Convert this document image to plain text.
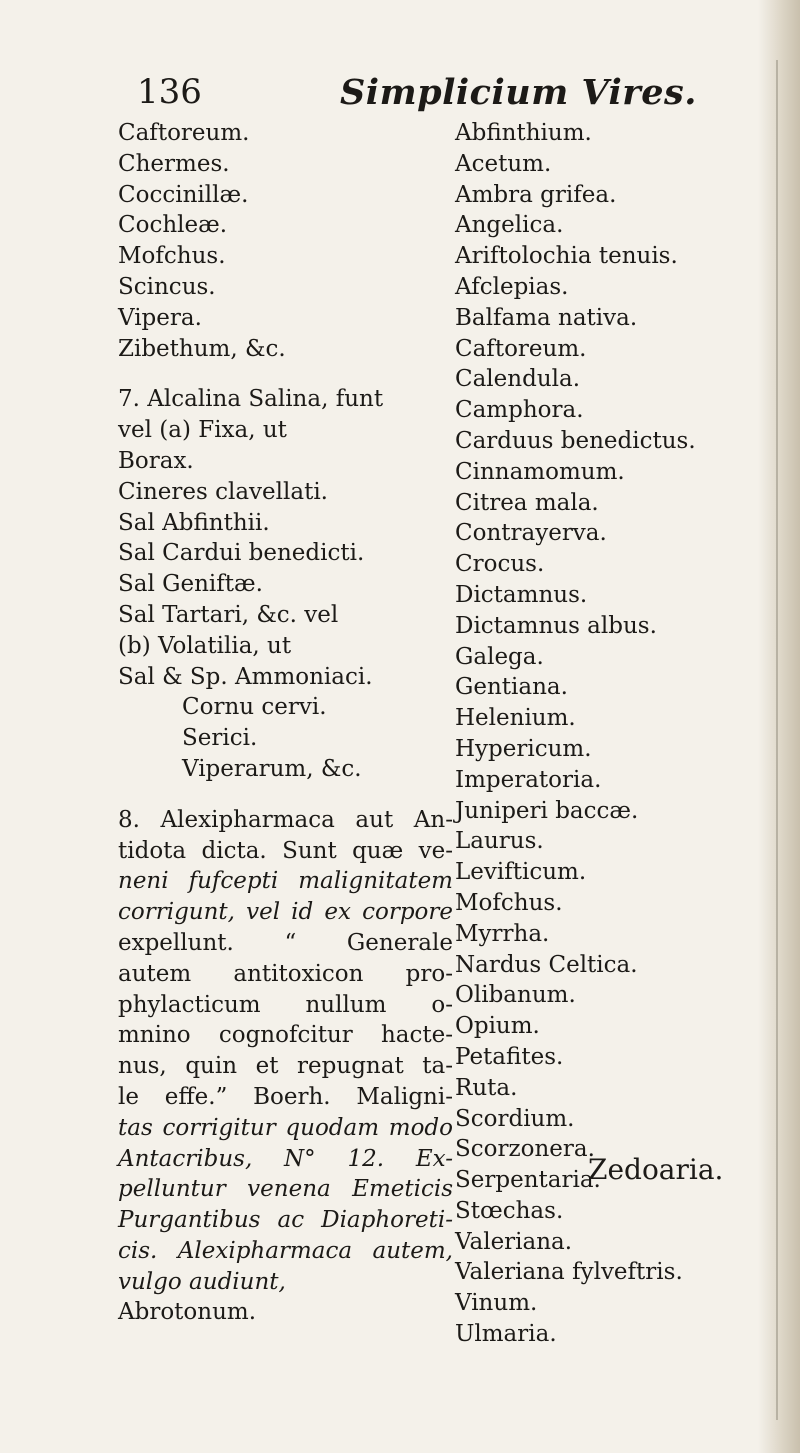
136	Simplicium Vires.
Caftoreum.
Chermes.
Coccinillæ.
Cochleæ.
Mofchus.
Scincus.
Vipera.
Zibethum, &c.
7. Alcalina Salina, funt
vel (a) Fixa, ut
Borax.
Cineres clavellati.
Sal Abfinthii.
Sal Cardui benedicti.
Sal Geniftæ.
Sal Tartari, &c. vel
(b) Volatilia, ut
Sal & Sp. Ammoniaci.
Cornu cervi.
Serici.
Viperarum, &c.
8. Alexipharmaca aut An-
tidota dicta. Sunt quæ ve-
neni fufcepti malignitatem
corrigunt, vel id ex corpore
expellunt. “ Generale
autem antitoxicon pro-
phylacticum nullum o-
mnino cognofcitur hacte-
nus, quin et repugnat ta-
le effe.” Boerh. Maligni-
tas corrigitur quodam modo
Antacribus, N° 12. Ex-
pelluntur venena Emeticis
Purgantibus ac Diaphoreti-
cis. Alexipharmaca autem,
vulgo audiunt,
Abrotonum.
Abfinthium.
Acetum.
Ambra grifea.
Angelica.
Ariftolochia tenuis.
Afclepias.
Balfama nativa.
Caftoreum.
Calendula.
Camphora.
Carduus benedictus.
Cinnamomum.
Citrea mala.
Contrayerva.
Crocus.
Dictamnus.
Dictamnus albus.
Galega.
Gentiana.
Helenium.
Hypericum.
Imperatoria.
Juniperi baccæ.
Laurus.
Levifticum.
Mofchus.
Myrrha.
Nardus Celtica.
Olibanum.
Opium.
Petafites.
Ruta.
Scordium.
Scorzonera.
Serpentaria.
Stœchas.
Valeriana.
Valeriana fylveftris.
Vinum.
Ulmaria.
Zedoaria.
